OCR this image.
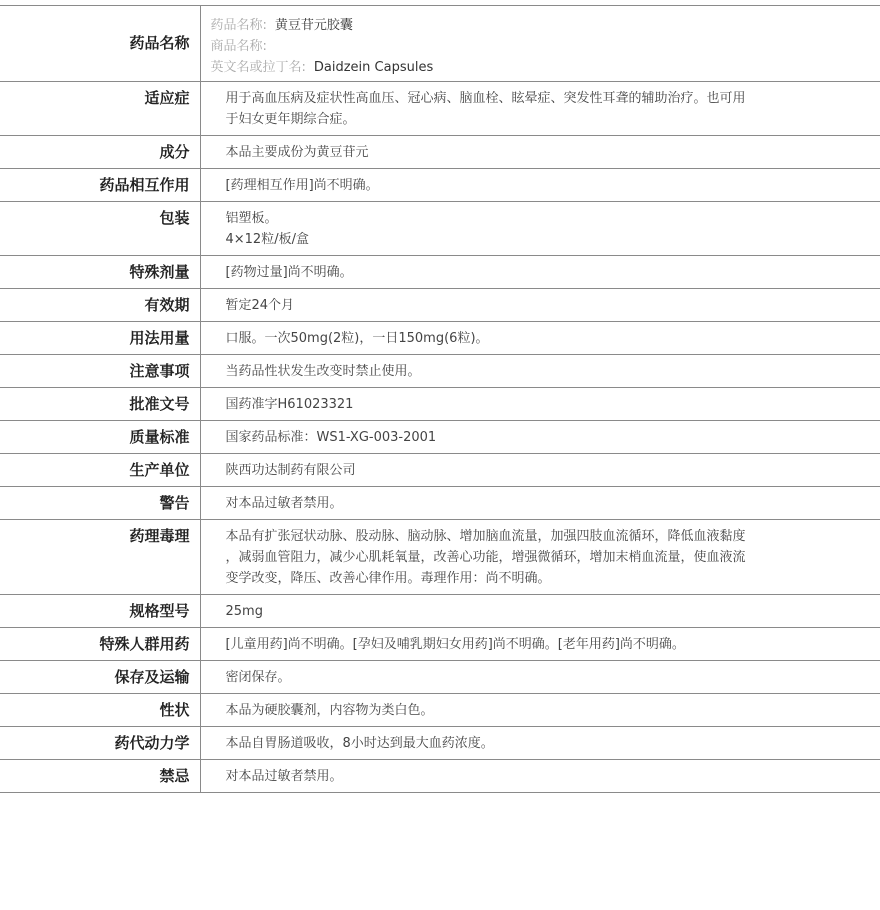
药品名称	药品名称: 黄豆苷元胶囊
商品名称:
英文名或拉丁名: Daidzein Capsules

适应症	用于高血压病及症状性高血压、冠心病、脑血栓、眩晕症、突发性耳聋的辅助治疗。也可用
于妇女更年期综合症。

成分	本品主要成份为黄豆苷元

药品相互作用	[药理相互作用]尚不明确。

包装	铝塑板。
4×12粒/板/盒

特殊剂量	[药物过量]尚不明确。

有效期	暂定24个月

用法用量	口服。一次50mg(2粒)，一日150mg(6粒)。

注意事项	当药品性状发生改变时禁止使用。

批准文号	国药准字H61023321

质量标准	国家药品标准：WS1-XG-003-2001

生产单位	陕西功达制药有限公司

警告	对本品过敏者禁用。

药理毒理	本品有扩张冠状动脉、股动脉、脑动脉、增加脑血流量，加强四肢血流循环，降低血液黏度
，减弱血管阻力，减少心肌耗氧量，改善心功能，增强微循环，增加末梢血流量，使血液流
变学改变，降压、改善心律作用。毒理作用：尚不明确。

规格型号	25mg

特殊人群用药	[儿童用药]尚不明确。[孕妇及哺乳期妇女用药]尚不明确。[老年用药]尚不明确。

保存及运输	密闭保存。

性状	本品为硬胶囊剂，内容物为类白色。

药代动力学	本品自胃肠道吸收，8小时达到最大血药浓度。

禁忌	对本品过敏者禁用。
